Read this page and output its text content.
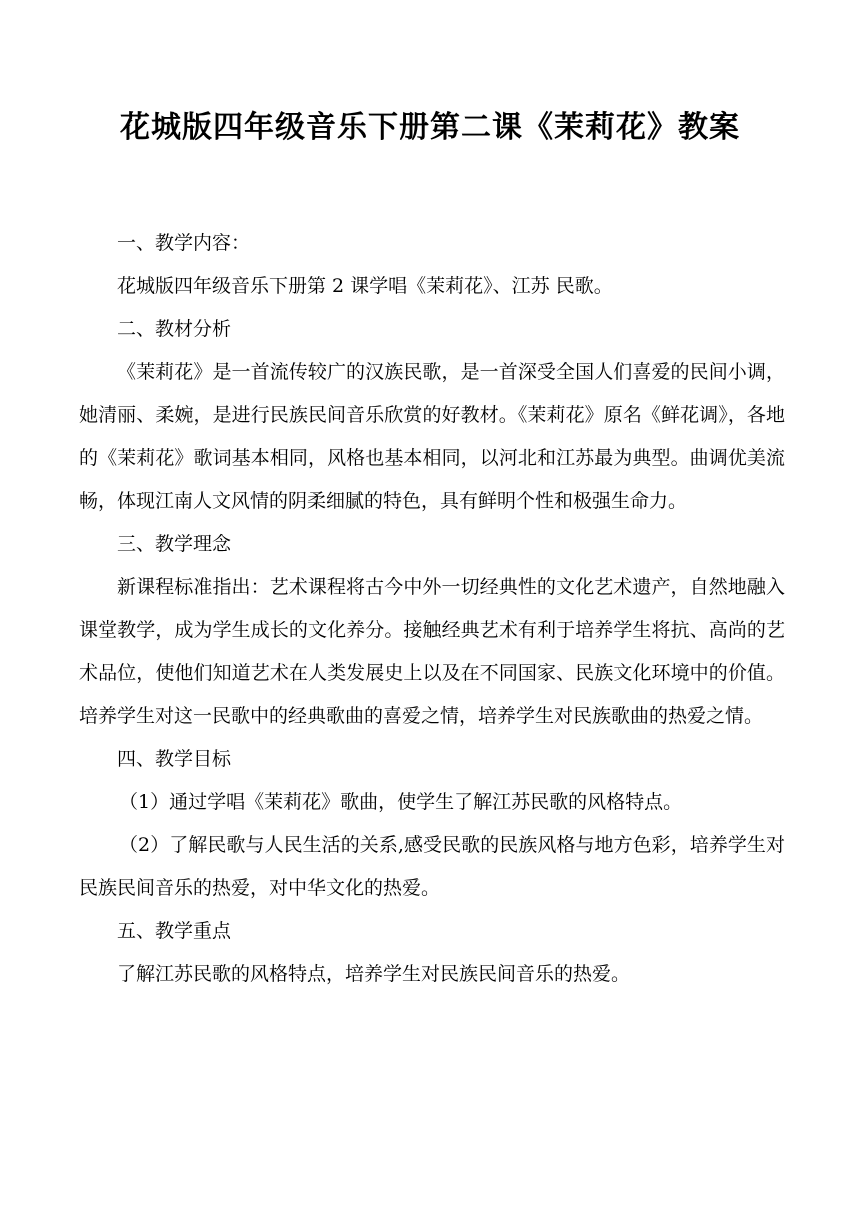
花城版四年级音乐下册第二课《茉莉花》教案

一、教学内容：

花城版四年级音乐下册第 2 课学唱《茉莉花》、江苏 民歌。

二、教材分析

《茉莉花》是一首流传较广的汉族民歌，是一首深受全国人们喜爱的民间小调，她清丽、柔婉，是进行民族民间音乐欣赏的好教材。《茉莉花》原名《鲜花调》，各地的《茉莉花》歌词基本相同，风格也基本相同，以河北和江苏最为典型。曲调优美流畅，体现江南人文风情的阴柔细腻的特色，具有鲜明个性和极强生命力。

三、教学理念

新课程标准指出：艺术课程将古今中外一切经典性的文化艺术遗产，自然地融入课堂教学，成为学生成长的文化养分。接触经典艺术有利于培养学生将抗、高尚的艺术品位，使他们知道艺术在人类发展史上以及在不同国家、民族文化环境中的价值。培养学生对这一民歌中的经典歌曲的喜爱之情，培养学生对民族歌曲的热爱之情。

四、教学目标

（1）通过学唱《茉莉花》歌曲，使学生了解江苏民歌的风格特点。

（2）了解民歌与人民生活的关系,感受民歌的民族风格与地方色彩，培养学生对民族民间音乐的热爱，对中华文化的热爱。

五、教学重点

了解江苏民歌的风格特点，培养学生对民族民间音乐的热爱。
